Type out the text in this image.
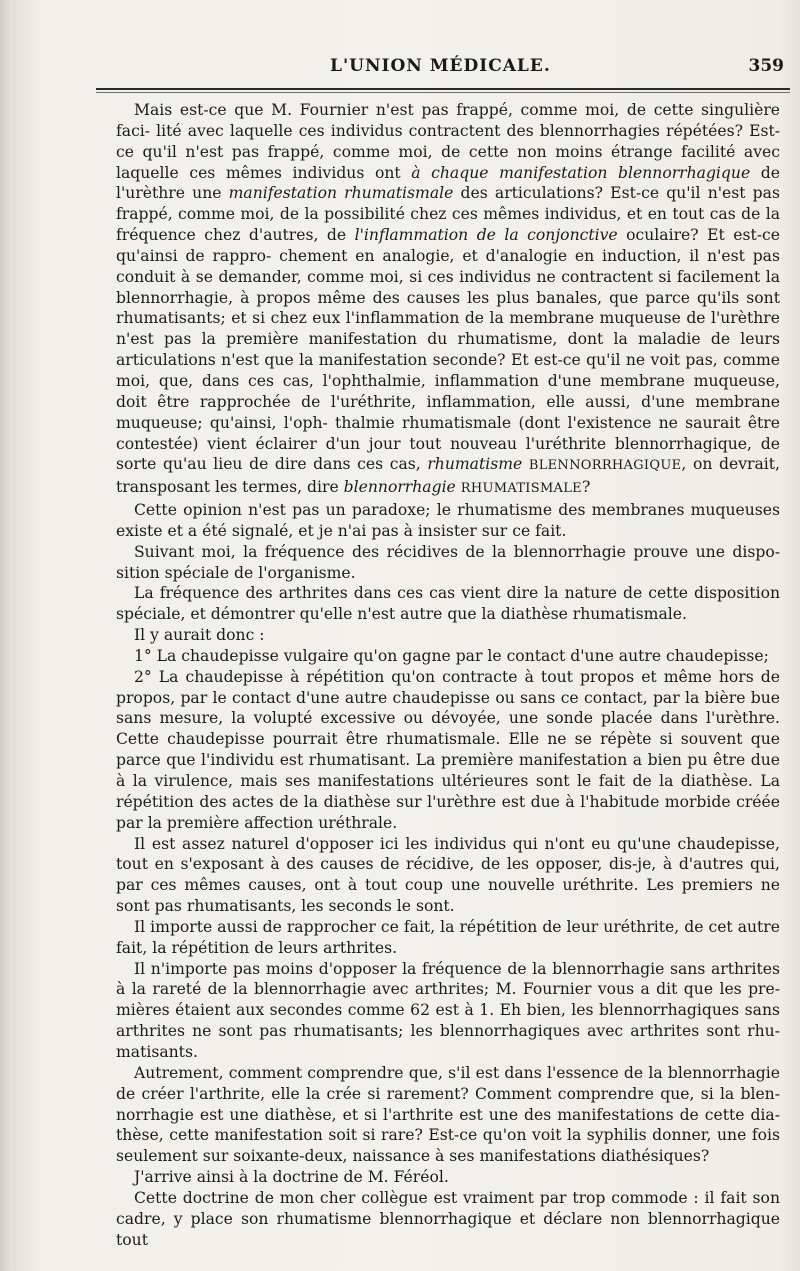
L'UNION MÉDICALE.	359

Mais est-ce que M. Fournier n'est pas frappé, comme moi, de cette singulière faci- lité avec laquelle ces individus contractent des blennorrhagies répétées? Est-ce qu'il n'est pas frappé, comme moi, de cette non moins étrange facilité avec laquelle ces mêmes individus ont à chaque manifestation blennorrhagique de l'urèthre une manifestation rhumatismale des articulations? Est-ce qu'il n'est pas frappé, comme moi, de la possibilité chez ces mêmes individus, et en tout cas de la fréquence chez d'autres, de l'inflammation de la conjonctive oculaire? Et est-ce qu'ainsi de rappro- chement en analogie, et d'analogie en induction, il n'est pas conduit à se demander, comme moi, si ces individus ne contractent si facilement la blennorrhagie, à propos même des causes les plus banales, que parce qu'ils sont rhumatisants; et si chez eux l'inflammation de la membrane muqueuse de l'urèthre n'est pas la première manifestation du rhumatisme, dont la maladie de leurs articulations n'est que la manifestation seconde? Et est-ce qu'il ne voit pas, comme moi, que, dans ces cas, l'ophthalmie, inflammation d'une membrane muqueuse, doit être rapprochée de l'uréthrite, inflammation, elle aussi, d'une membrane muqueuse; qu'ainsi, l'oph- thalmie rhumatismale (dont l'existence ne saurait être contestée) vient éclairer d'un jour tout nouveau l'uréthrite blennorrhagique, de sorte qu'au lieu de dire dans ces cas, rhumatisme BLENNORRHAGIQUE, on devrait, transposant les termes, dire blennorrhagie RHUMATISMALE?

Cette opinion n'est pas un paradoxe; le rhumatisme des membranes muqueuses existe et a été signalé, et je n'ai pas à insister sur ce fait.

Suivant moi, la fréquence des récidives de la blennorrhagie prouve une dispo- sition spéciale de l'organisme.

La fréquence des arthrites dans ces cas vient dire la nature de cette disposition spéciale, et démontrer qu'elle n'est autre que la diathèse rhumatismale.

Il y aurait donc :

1° La chaudepisse vulgaire qu'on gagne par le contact d'une autre chaudepisse;

2° La chaudepisse à répétition qu'on contracte à tout propos et même hors de propos, par le contact d'une autre chaudepisse ou sans ce contact, par la bière bue sans mesure, la volupté excessive ou dévoyée, une sonde placée dans l'urèthre. Cette chaudepisse pourrait être rhumatismale. Elle ne se répète si souvent que parce que l'individu est rhumatisant. La première manifestation a bien pu être due à la virulence, mais ses manifestations ultérieures sont le fait de la diathèse. La répétition des actes de la diathèse sur l'urèthre est due à l'habitude morbide créée par la première affection uréthrale.

Il est assez naturel d'opposer ici les individus qui n'ont eu qu'une chaudepisse, tout en s'exposant à des causes de récidive, de les opposer, dis-je, à d'autres qui, par ces mêmes causes, ont à tout coup une nouvelle uréthrite. Les premiers ne sont pas rhumatisants, les seconds le sont.

Il importe aussi de rapprocher ce fait, la répétition de leur uréthrite, de cet autre fait, la répétition de leurs arthrites.

Il n'importe pas moins d'opposer la fréquence de la blennorrhagie sans arthrites à la rareté de la blennorrhagie avec arthrites; M. Fournier vous a dit que les pre- mières étaient aux secondes comme 62 est à 1. Eh bien, les blennorrhagiques sans arthrites ne sont pas rhumatisants; les blennorrhagiques avec arthrites sont rhu- matisants.

Autrement, comment comprendre que, s'il est dans l'essence de la blennorrhagie de créer l'arthrite, elle la crée si rarement? Comment comprendre que, si la blen- norrhagie est une diathèse, et si l'arthrite est une des manifestations de cette dia- thèse, cette manifestation soit si rare? Est-ce qu'on voit la syphilis donner, une fois seulement sur soixante-deux, naissance à ses manifestations diathésiques?

J'arrive ainsi à la doctrine de M. Féréol.

Cette doctrine de mon cher collègue est vraiment par trop commode : il fait son cadre, y place son rhumatisme blennorrhagique et déclare non blennorrhagique tout
